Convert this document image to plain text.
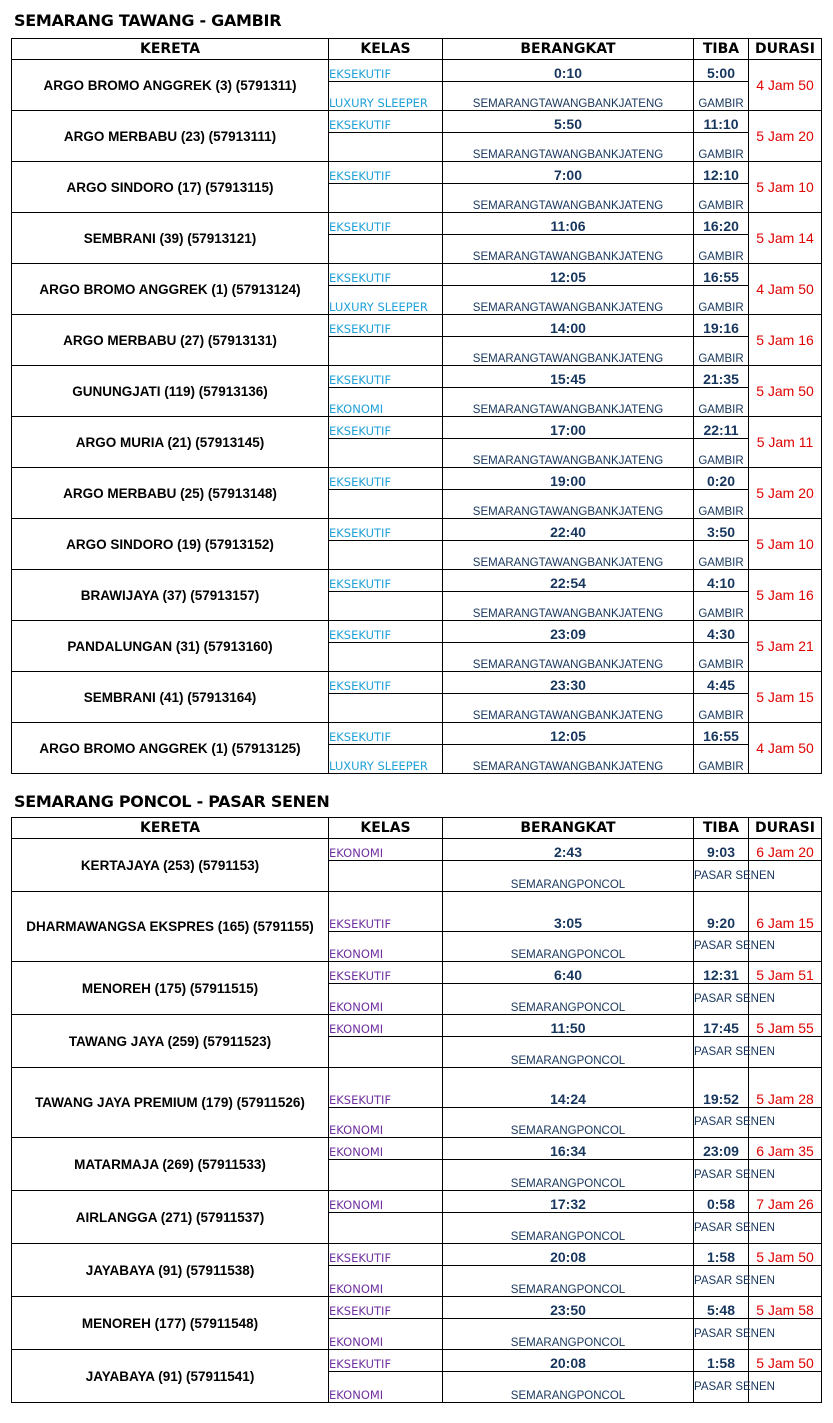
SEMARANG TAWANG - GAMBIR
KERETA	KELAS	BERANGKAT	TIBA	DURASI
ARGO BROMO ANGGREK (3) (5791311)	EKSEKUTIF	0:10	5:00	4 Jam 50
	LUXURY SLEEPER	SEMARANGTAWANGBANKJATENG	GAMBIR	
ARGO MERBABU (23) (57913111)	EKSEKUTIF	5:50	11:10	5 Jam 20
		SEMARANGTAWANGBANKJATENG	GAMBIR	
ARGO SINDORO (17) (57913115)	EKSEKUTIF	7:00	12:10	5 Jam 10
		SEMARANGTAWANGBANKJATENG	GAMBIR	
SEMBRANI (39) (57913121)	EKSEKUTIF	11:06	16:20	5 Jam 14
		SEMARANGTAWANGBANKJATENG	GAMBIR	
ARGO BROMO ANGGREK (1) (57913124)	EKSEKUTIF	12:05	16:55	4 Jam 50
	LUXURY SLEEPER	SEMARANGTAWANGBANKJATENG	GAMBIR	
ARGO MERBABU (27) (57913131)	EKSEKUTIF	14:00	19:16	5 Jam 16
		SEMARANGTAWANGBANKJATENG	GAMBIR	
GUNUNGJATI (119) (57913136)	EKSEKUTIF	15:45	21:35	5 Jam 50
	EKONOMI	SEMARANGTAWANGBANKJATENG	GAMBIR	
ARGO MURIA (21) (57913145)	EKSEKUTIF	17:00	22:11	5 Jam 11
		SEMARANGTAWANGBANKJATENG	GAMBIR	
ARGO MERBABU (25) (57913148)	EKSEKUTIF	19:00	0:20	5 Jam 20
		SEMARANGTAWANGBANKJATENG	GAMBIR	
ARGO SINDORO (19) (57913152)	EKSEKUTIF	22:40	3:50	5 Jam 10
		SEMARANGTAWANGBANKJATENG	GAMBIR	
BRAWIJAYA (37) (57913157)	EKSEKUTIF	22:54	4:10	5 Jam 16
		SEMARANGTAWANGBANKJATENG	GAMBIR	
PANDALUNGAN (31) (57913160)	EKSEKUTIF	23:09	4:30	5 Jam 21
		SEMARANGTAWANGBANKJATENG	GAMBIR	
SEMBRANI (41) (57913164)	EKSEKUTIF	23:30	4:45	5 Jam 15
		SEMARANGTAWANGBANKJATENG	GAMBIR	
ARGO BROMO ANGGREK (1) (57913125)	EKSEKUTIF	12:05	16:55	4 Jam 50
	LUXURY SLEEPER	SEMARANGTAWANGBANKJATENG	GAMBIR	
SEMARANG PONCOL - PASAR SENEN
KERETA	KELAS	BERANGKAT	TIBA	DURASI
KERTAJAYA (253) (5791153)	EKONOMI	2:43	9:03	6 Jam 20
		SEMARANGPONCOL	PASAR SENEN	
DHARMAWANGSA EKSPRES (165) (5791155)	EKSEKUTIF	3:05	9:20	6 Jam 15
	EKONOMI	SEMARANGPONCOL	PASAR SENEN	
MENOREH (175) (57911515)	EKSEKUTIF	6:40	12:31	5 Jam 51
	EKONOMI	SEMARANGPONCOL	PASAR SENEN	
TAWANG JAYA (259) (57911523)	EKONOMI	11:50	17:45	5 Jam 55
		SEMARANGPONCOL	PASAR SENEN	
TAWANG JAYA PREMIUM (179) (57911526)	EKSEKUTIF	14:24	19:52	5 Jam 28
	EKONOMI	SEMARANGPONCOL	PASAR SENEN	
MATARMAJA (269) (57911533)	EKONOMI	16:34	23:09	6 Jam 35
		SEMARANGPONCOL	PASAR SENEN	
AIRLANGGA (271) (57911537)	EKONOMI	17:32	0:58	7 Jam 26
		SEMARANGPONCOL	PASAR SENEN	
JAYABAYA (91) (57911538)	EKSEKUTIF	20:08	1:58	5 Jam 50
	EKONOMI	SEMARANGPONCOL	PASAR SENEN	
MENOREH (177) (57911548)	EKSEKUTIF	23:50	5:48	5 Jam 58
	EKONOMI	SEMARANGPONCOL	PASAR SENEN	
JAYABAYA (91) (57911541)	EKSEKUTIF	20:08	1:58	5 Jam 50
	EKONOMI	SEMARANGPONCOL	PASAR SENEN	
